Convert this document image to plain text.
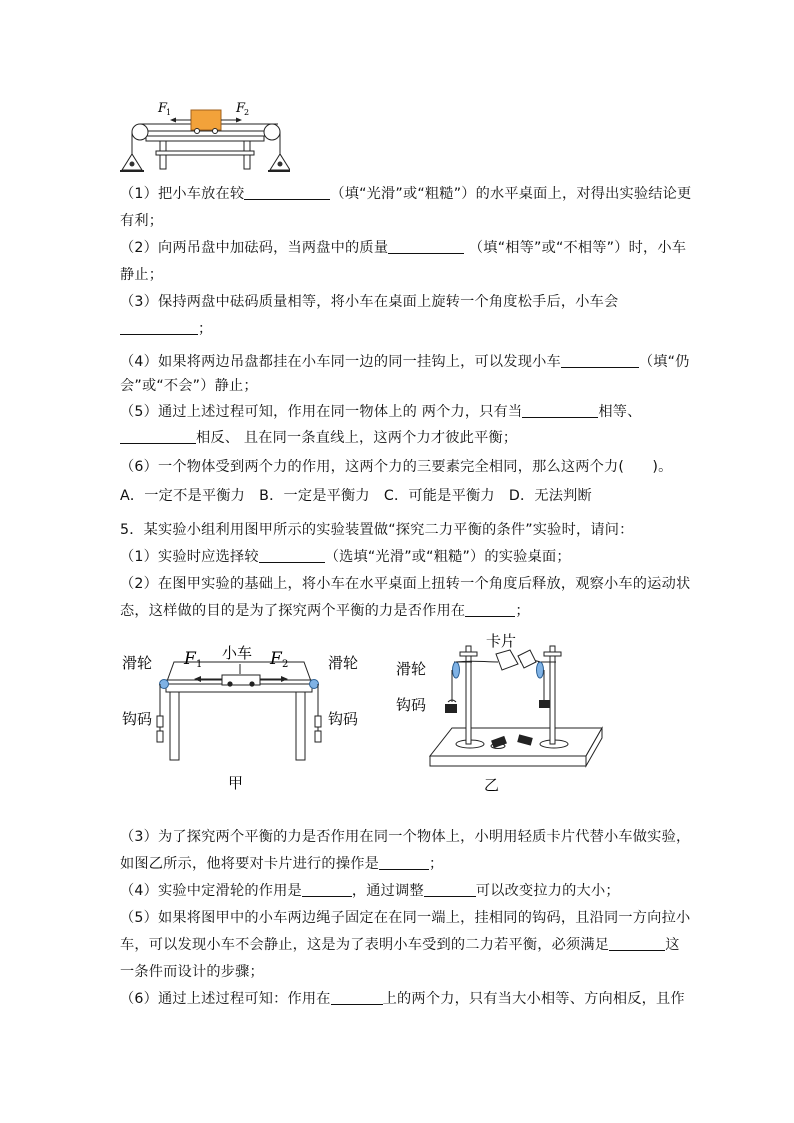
F
1	F
2
（1）把小车放在较	（填“光滑”或“粗糙”）的水平桌面上，对得出实验结论更
有利；
（2）向两吊盘中加砝码，当两盘中的质量	（填“相等”或“不相等”）时，小车
静止；
（3）保持两盘中砝码质量相等，将小车在桌面上旋转一个角度松手后，小车会
；
（4）如果将两边吊盘都挂在小车同一边的同一挂钩上，可以发现小车	（填“仍
会”或“不会”）静止；
（5）通过上述过程可知，作用在同一物体上的 两个力，只有当	相等、
相反、 且在同一条直线上，这两个力才彼此平衡；
（6）一个物体受到两个力的作用，这两个力的三要素完全相同，那么这两个力(      )。
A．一定不是平衡力   B．一定是平衡力   C．可能是平衡力   D．无法判断
5．某实验小组利用图甲所示的实验装置做“探究二力平衡的条件”实验时，请问：
（1）实验时应选择较	（选填“光滑”或“粗糙”）的实验桌面；
（2）在图甲实验的基础上，将小车在水平桌面上扭转一个角度后释放，观察小车的运动状
态，这样做的目的是为了探究两个平衡的力是否作用在	；
滑轮	滑轮
小车
F 1	F 2
钩码	钩码
甲
卡片
滑轮
钩码
乙
（3）为了探究两个平衡的力是否作用在同一个物体上，小明用轻质卡片代替小车做实验，
如图乙所示，他将要对卡片进行的操作是	；
（4）实验中定滑轮的作用是	，通过调整	可以改变拉力的大小；
（5）如果将图甲中的小车两边绳子固定在在同一端上，挂相同的钩码，且沿同一方向拉小
车，可以发现小车不会静止，这是为了表明小车受到的二力若平衡，必须满足	这
一条件而设计的步骤；
（6）通过上述过程可知：作用在	上的两个力，只有当大小相等、方向相反，且作
